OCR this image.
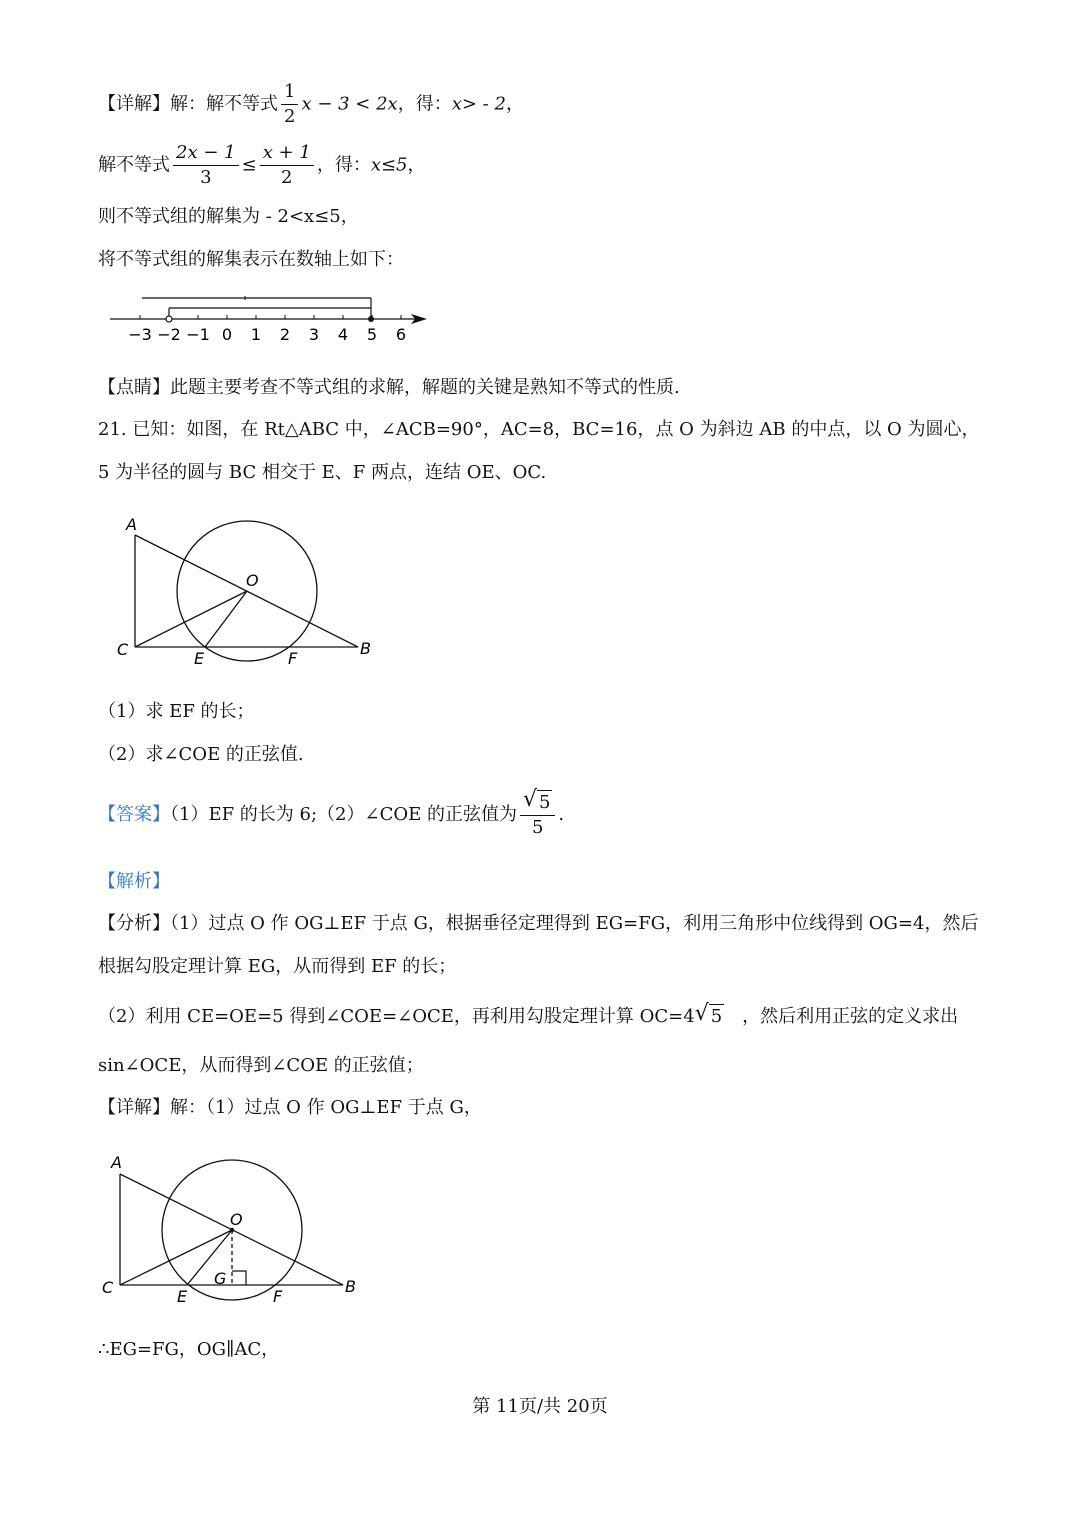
【详解】解：解不等式 $\frac{1}{2}$ x − 3 < 2x，得：x> - 2，
解不等式 $\frac{2x - 1}{3} \le \frac{x + 1}{2}$ ，得：x≤5，
则不等式组的解集为 - 2<x≤5，
将不等式组的解集表示在数轴上如下：
−3 −2 −1 0 1 2 3 4 5 6
【点睛】此题主要考查不等式组的求解，解题的关键是熟知不等式的性质.
21. 已知：如图，在 Rt△ABC 中，∠ACB=90°，AC=8，BC=16，点 O 为斜边 AB 的中点，以 O 为圆心，
5 为半径的圆与 BC 相交于 E、F 两点，连结 OE、OC.
A
B
C
O
E	F
（1）求 EF 的长；
（2）求∠COE 的正弦值.
【答案】（1）EF 的长为 6;（2）∠COE 的正弦值为 $\frac{√ 5}{5}$ .
【解析】
【分析】（1）过点 O 作 OG⊥EF 于点 G，根据垂径定理得到 EG=FG，利用三角形中位线得到 OG=4，然后
根据勾股定理计算 EG，从而得到 EF 的长；
（2）利用 CE=OE=5 得到∠COE=∠OCE，再利用勾股定理计算 OC=4 √ 5 ，然后利用正弦的定义求出
sin∠OCE，从而得到∠COE 的正弦值；
【详解】解：（1）过点 O 作 OG⊥EF 于点 G，
A
B
C
O
E	F
G
∴EG=FG，OG∥AC，
第 11页/共 20页
